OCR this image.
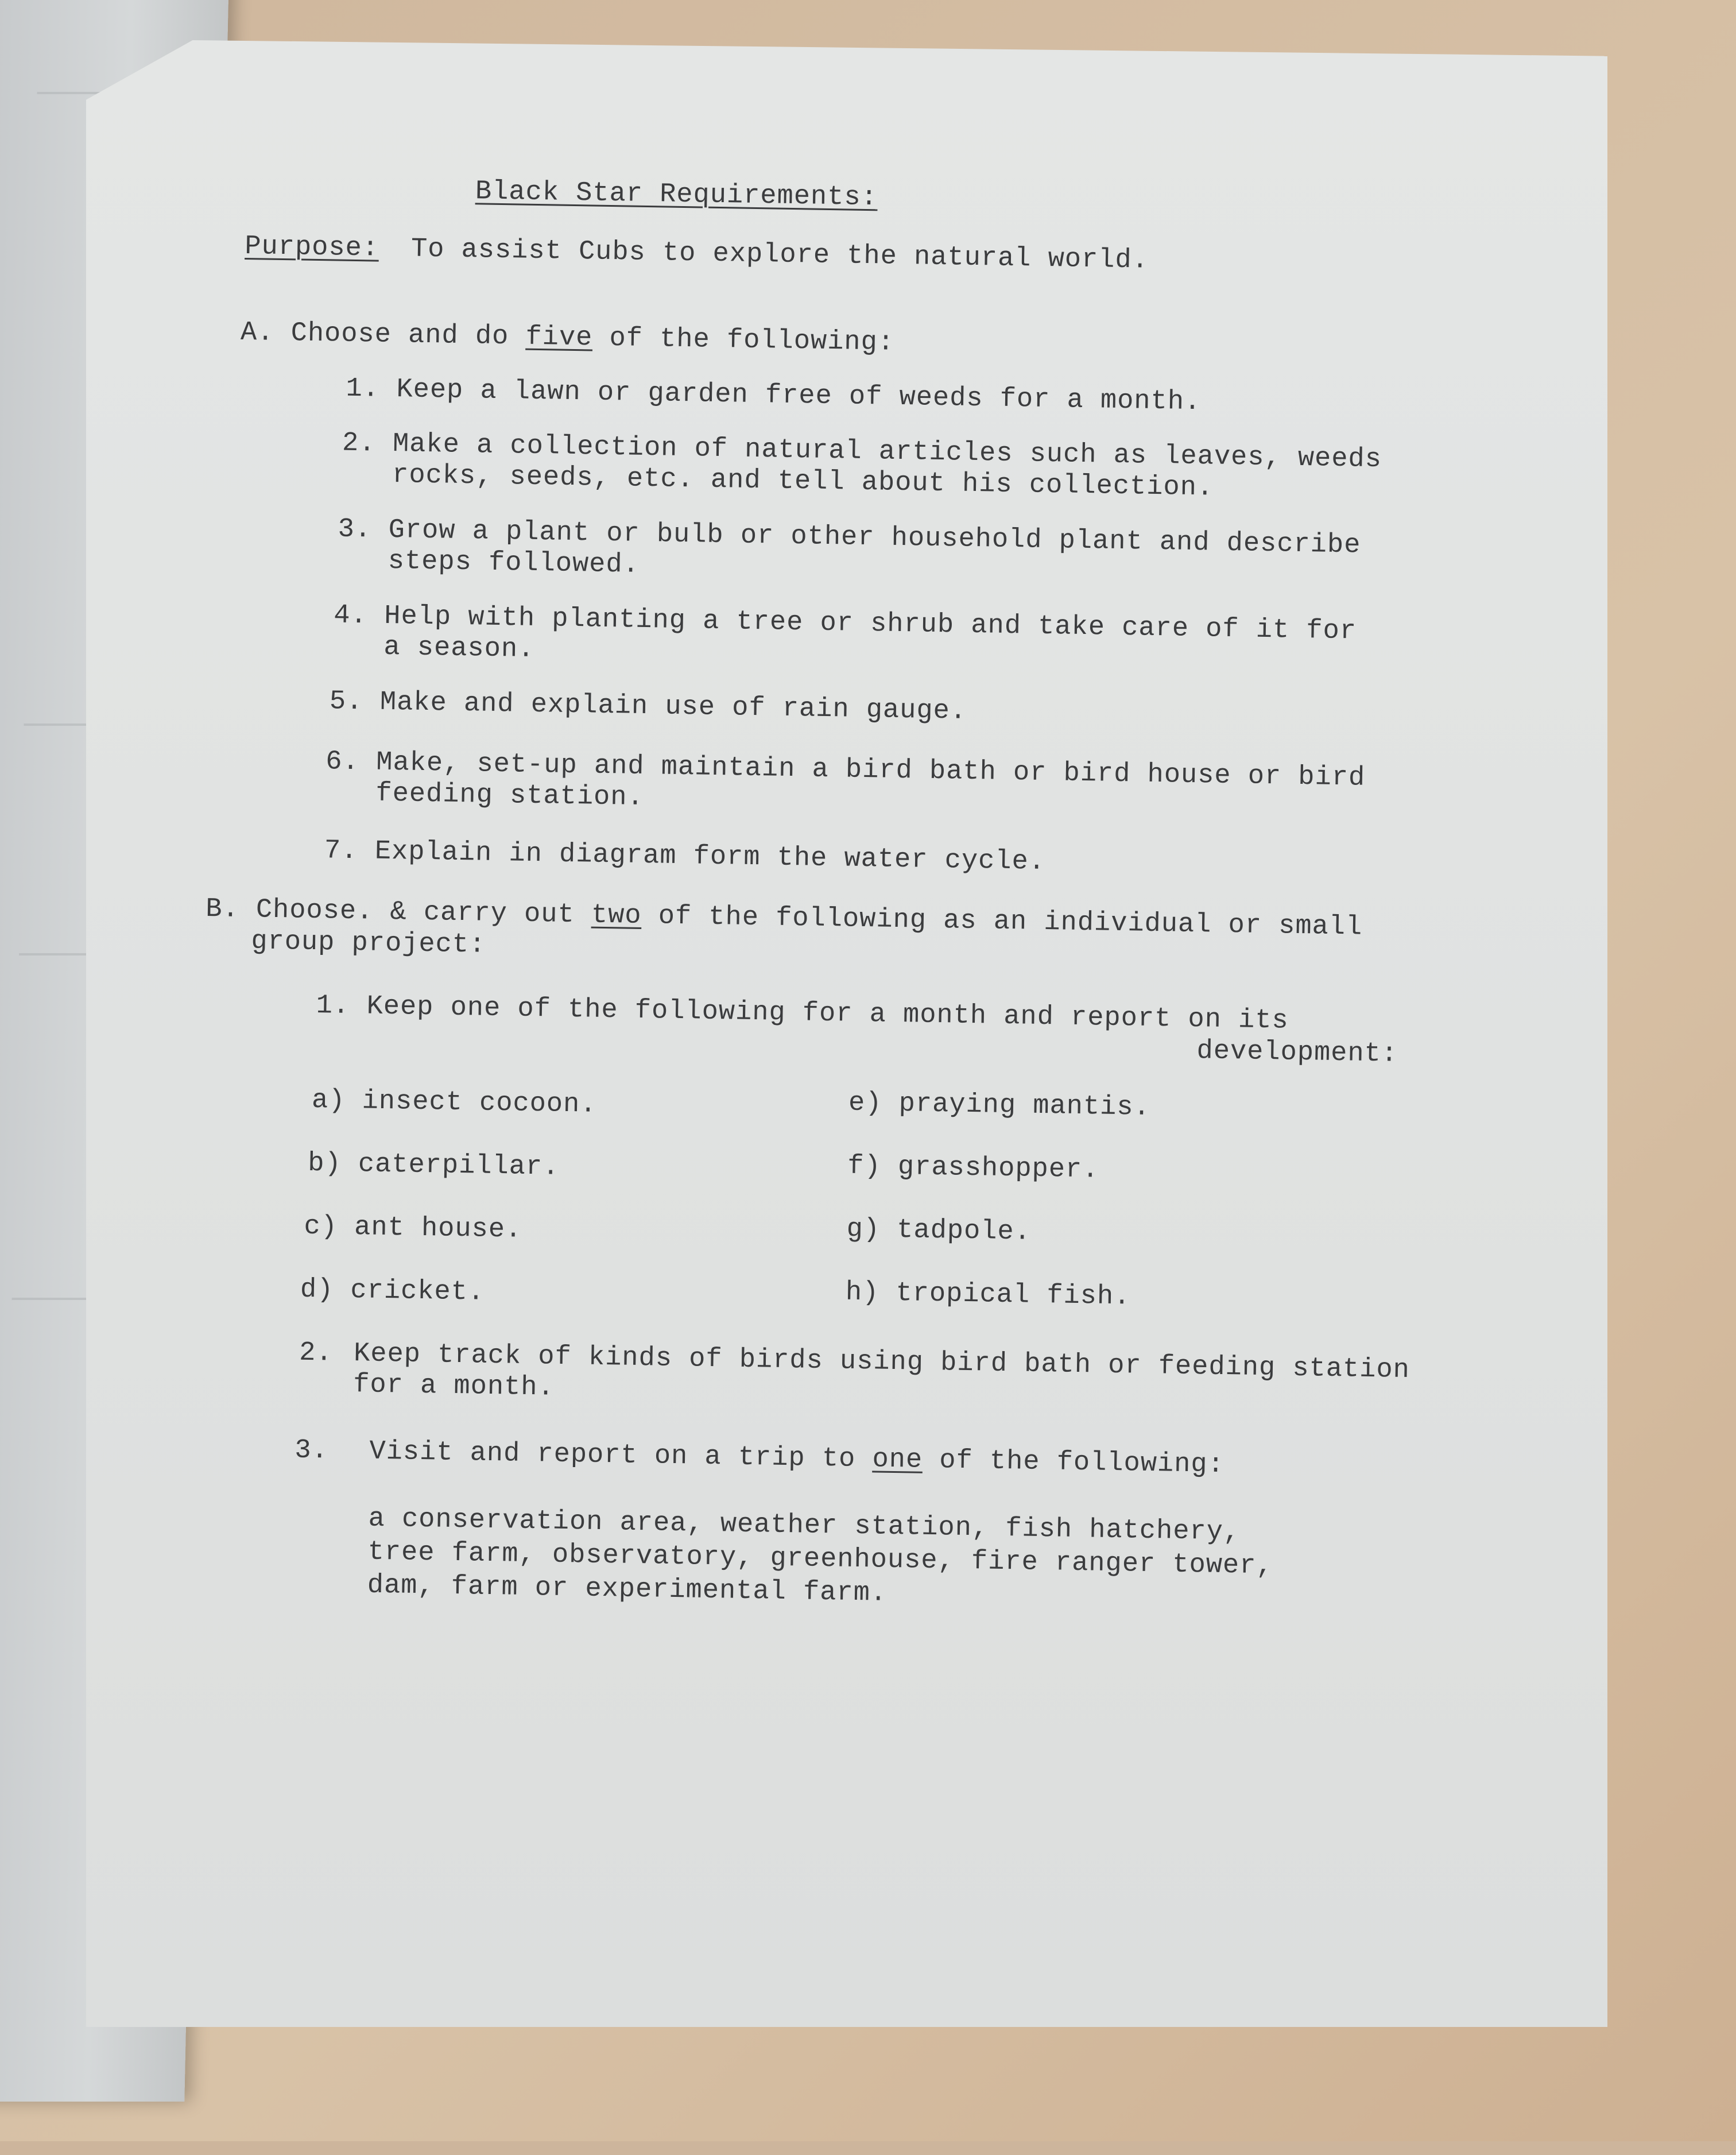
Black Star Requirements:
Purpose: To assist Cubs to explore the natural world.
A. Choose and do five of the following:
1. Keep a lawn or garden free of weeds for a month.
2. Make a collection of natural articles such as leaves, weeds
rocks, seeds, etc. and tell about his collection.
3. Grow a plant or bulb or other household plant and describe
steps followed.
4. Help with planting a tree or shrub and take care of it for
a season.
5. Make and explain use of rain gauge.
6. Make, set-up and maintain a bird bath or bird house or bird
feeding station.
7. Explain in diagram form the water cycle.
B. Choose. & carry out two of the following as an individual or small
group project:
1. Keep one of the following for a month and report on its
development:
a) insect cocoon.
b) caterpillar.
c) ant house.
d) cricket.
e) praying mantis.
f) grasshopper.
g) tadpole.
h) tropical fish.
2. Keep track of kinds of birds using bird bath or feeding station
for a month.
3. Visit and report on a trip to one of the following:
a conservation area, weather station, fish hatchery,
tree farm, observatory, greenhouse, fire ranger tower,
dam, farm or experimental farm.
